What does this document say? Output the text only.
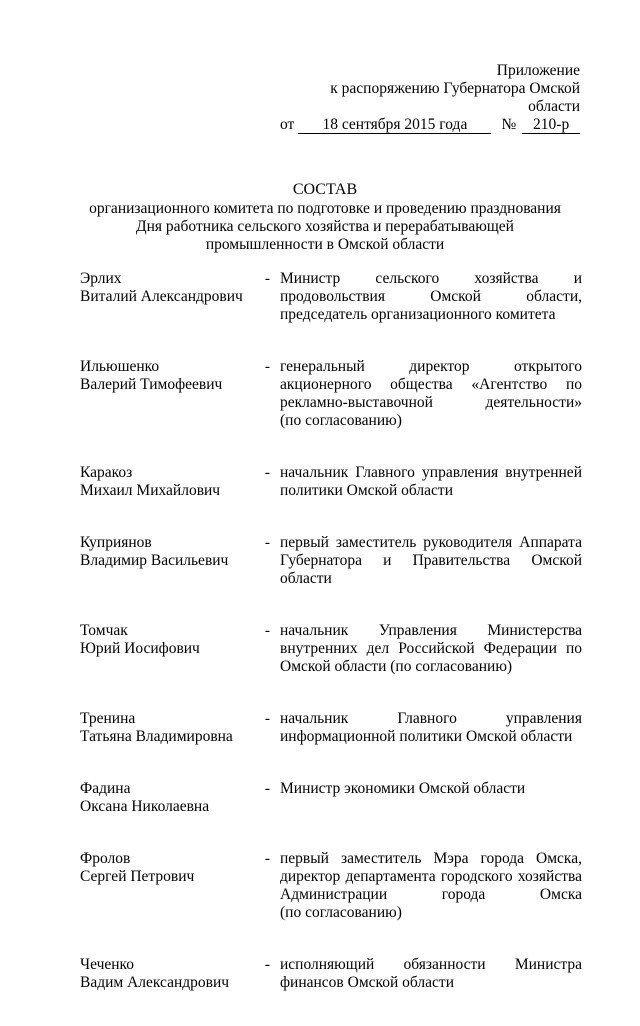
Приложение
к распоряжению Губернатора Омской области
от	18 сентября 2015 года	№	210-р
СОСТАВ
организационного комитета по подготовке и проведению празднования
Дня работника сельского хозяйства и перерабатывающей
промышленности в Омской области
Эрлих
Виталий Александрович
- Министр сельского хозяйства и
продовольствия Омской области,
председатель организационного комитета
Ильюшенко
Валерий Тимофеевич
- генеральный директор открытого
акционерного общества «Агентство по
рекламно-выставочной деятельности»
(по согласованию)
Каракоз
Михаил Михайлович
- начальник Главного управления внутренней
политики Омской области
Куприянов
Владимир Васильевич
- первый заместитель руководителя Аппарата
Губернатора и Правительства Омской области
Томчак
Юрий Иосифович
- начальник Управления Министерства
внутренних дел Российской Федерации по
Омской области (по согласованию)
Тренина
Татьяна Владимировна
- начальник Главного управления
информационной политики Омской области
Фадина
Оксана Николаевна
- Министр экономики Омской области
Фролов
Сергей Петрович
- первый заместитель Мэра города Омска,
директор департамента городского хозяйства
Администрации города Омска
(по согласованию)
Чеченко
Вадим Александрович
- исполняющий обязанности Министра
финансов Омской области
